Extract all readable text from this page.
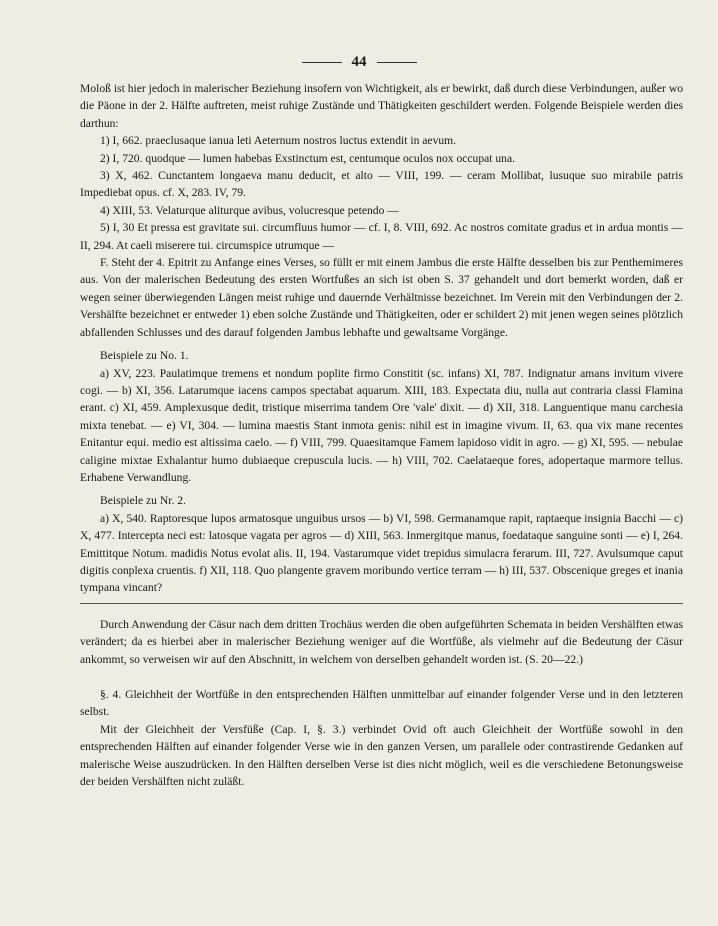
44

Moloß ist hier jedoch in malerischer Beziehung insofern von Wichtigkeit, als er bewirkt, daß durch diese Verbindungen, außer wo die Päone in der 2. Hälfte auftreten, meist ruhige Zustände und Thätigkeiten geschildert werden. Folgende Beispiele werden dies darthun:

1) I, 662. praeclusaque ianua leti Aeternum nostros luctus extendit in aevum.

2) I, 720. quodque — lumen habebas Exstinctum est, centumque oculos nox occupat una.

3) X, 462. Cunctantem longaeva manu deducit, et alto — VIII, 199. — ceram Mollibat, lusuque suo mirabile patris Impediebat opus. cf. X, 283. IV, 79.

4) XIII, 53. Velaturque aliturque avibus, volucresque petendo —

5) I, 30 Et pressa est gravitate sui. circumfluus humor — cf. I, 8. VIII, 692. Ac nostros comitate gradus et in ardua montis — II, 294. At caeli miserere tui. circumspice utrumque —

F. Steht der 4. Epitrit zu Anfange eines Verses, so füllt er mit einem Jambus die erste Hälfte desselben bis zur Penthemimeres aus. Von der malerischen Bedeutung des ersten Wortfußes an sich ist oben S. 37 gehandelt und dort bemerkt worden, daß er wegen seiner überwiegenden Längen meist ruhige und dauernde Verhältnisse bezeichnet. Im Verein mit den Verbindungen der 2. Vershälfte bezeichnet er entweder 1) eben solche Zustände und Thätigkeiten, oder er schildert 2) mit jenen wegen seines plötzlich abfallenden Schlusses und des darauf folgenden Jambus lebhafte und gewaltsame Vorgänge.

Beispiele zu No. 1.

a) XV, 223. Paulatimque tremens et nondum poplite firmo Constitit (sc. infans) XI, 787. Indignatur amans invitum vivere cogi. — b) XI, 356. Latarumque iacens campos spectabat aquarum. XIII, 183. Expectata diu, nulla aut contraria classi Flamina erant. c) XI, 459. Amplexusque dedit, tristique miserrima tandem Ore 'vale' dixit. — d) XII, 318. Languentique manu carchesia mixta tenebat. — e) VI, 304. — lumina maestis Stant inmota genis: nihil est in imagine vivum. II, 63. qua vix mane recentes Enitantur equi. medio est altissima caelo. — f) VIII, 799. Quaesitamque Famem lapidoso vidit in agro. — g) XI, 595. — nebulae caligine mixtae Exhalantur humo dubiaeque crepuscula lucis. — h) VIII, 702. Caelataeque fores, adopertaque marmore tellus. Erhabene Verwandlung.

Beispiele zu Nr. 2.

a) X, 540. Raptoresque lupos armatosque unguibus ursos — b) VI, 598. Germanamque rapit, raptaeque insignia Bacchi — c) X, 477. Intercepta neci est: latosque vagata per agros — d) XIII, 563. Inmergitque manus, foedataque sanguine sonti — e) I, 264. Emittitque Notum. madidis Notus evolat alis. II, 194. Vastarumque videt trepidus simulacra ferarum. III, 727. Avulsumque caput digitis conplexa cruentis. f) XII, 118. Quo plangente gravem moribundo vertice terram — h) III, 537. Obscenique greges et inania tympana vincant?

Durch Anwendung der Cäsur nach dem dritten Trochäus werden die oben aufgeführten Schemata in beiden Vershälften etwas verändert; da es hierbei aber in malerischer Beziehung weniger auf die Wortfüße, als vielmehr auf die Bedeutung der Cäsur ankommt, so verweisen wir auf den Abschnitt, in welchem von derselben gehandelt worden ist. (S. 20—22.)

§. 4. Gleichheit der Wortfüße in den entsprechenden Hälften unmittelbar auf einander folgender Verse und in den letzteren selbst.

Mit der Gleichheit der Versfüße (Cap. I, §. 3.) verbindet Ovid oft auch Gleichheit der Wortfüße sowohl in den entsprechenden Hälften auf einander folgender Verse wie in den ganzen Versen, um parallele oder contrastirende Gedanken auf malerische Weise auszudrücken. In den Hälften derselben Verse ist dies nicht möglich, weil es die verschiedene Betonungsweise der beiden Vershälften nicht zuläßt.
